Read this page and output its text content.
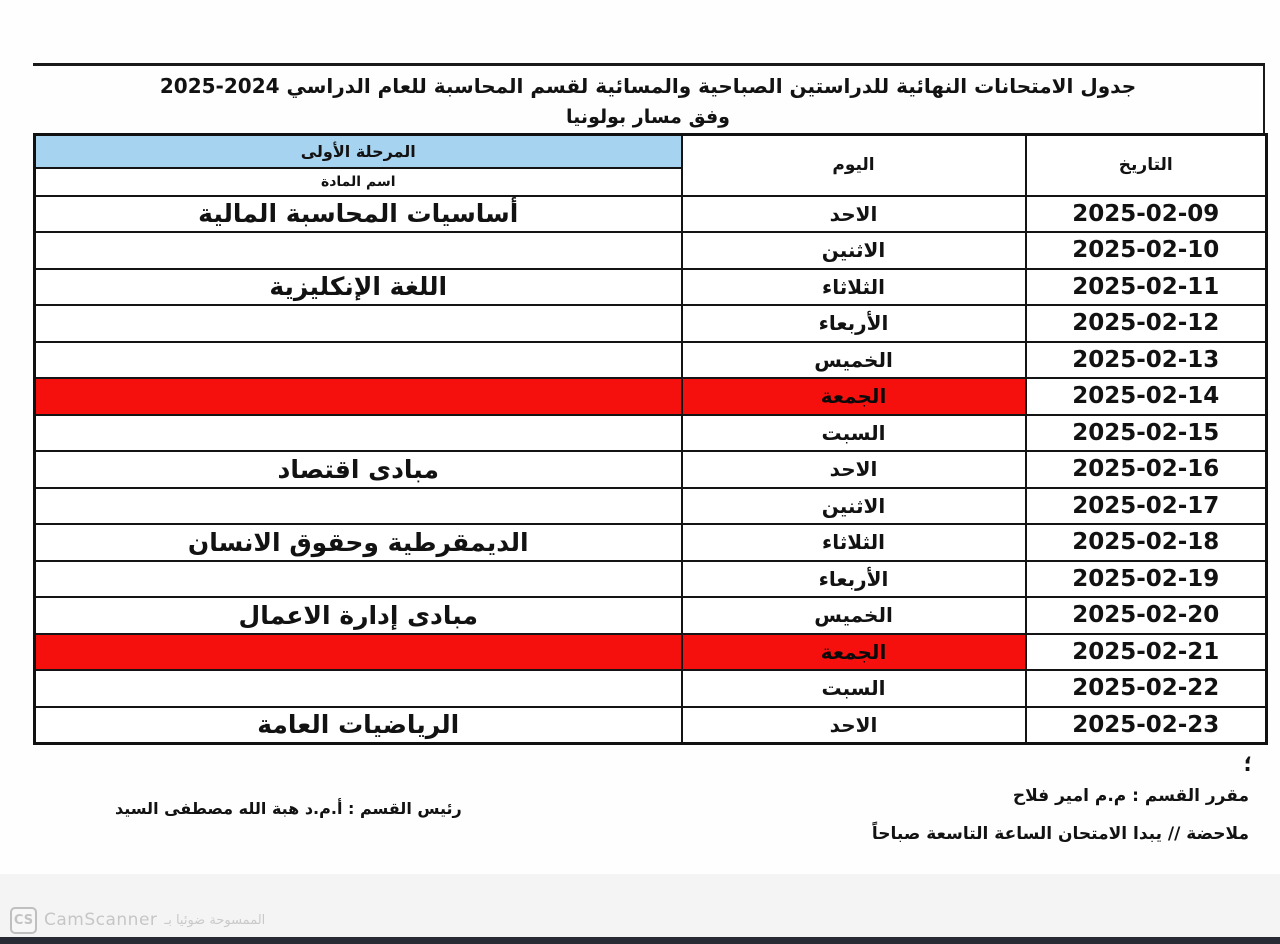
جدول الامتحانات النهائية للدراستين الصباحية والمسائية لقسم المحاسبة للعام الدراسي 2024-2025
وفق مسار بولونيا
التاريخ	اليوم	المرحلة الأولى
		اسم المادة
2025-02-09	الاحد	أساسيات المحاسبة المالية
2025-02-10	الاثنين	
2025-02-11	الثلاثاء	اللغة الإنكليزية
2025-02-12	الأربعاء	
2025-02-13	الخميس	
2025-02-14	الجمعة	
2025-02-15	السبت	
2025-02-16	الاحد	مبادى اقتصاد
2025-02-17	الاثنين	
2025-02-18	الثلاثاء	الديمقرطية وحقوق الانسان
2025-02-19	الأربعاء	
2025-02-20	الخميس	مبادى إدارة الاعمال
2025-02-21	الجمعة	
2025-02-22	السبت	
2025-02-23	الاحد	الرياضيات العامة
؛
مقرر القسم : م.م امير فلاح
ملاحضة // يبدا الامتحان الساعة التاسعة صباحاً
رئيس القسم : أ.م.د هبة الله مصطفى السيد
CS CamScanner الممسوحة ضوئيا بـ
